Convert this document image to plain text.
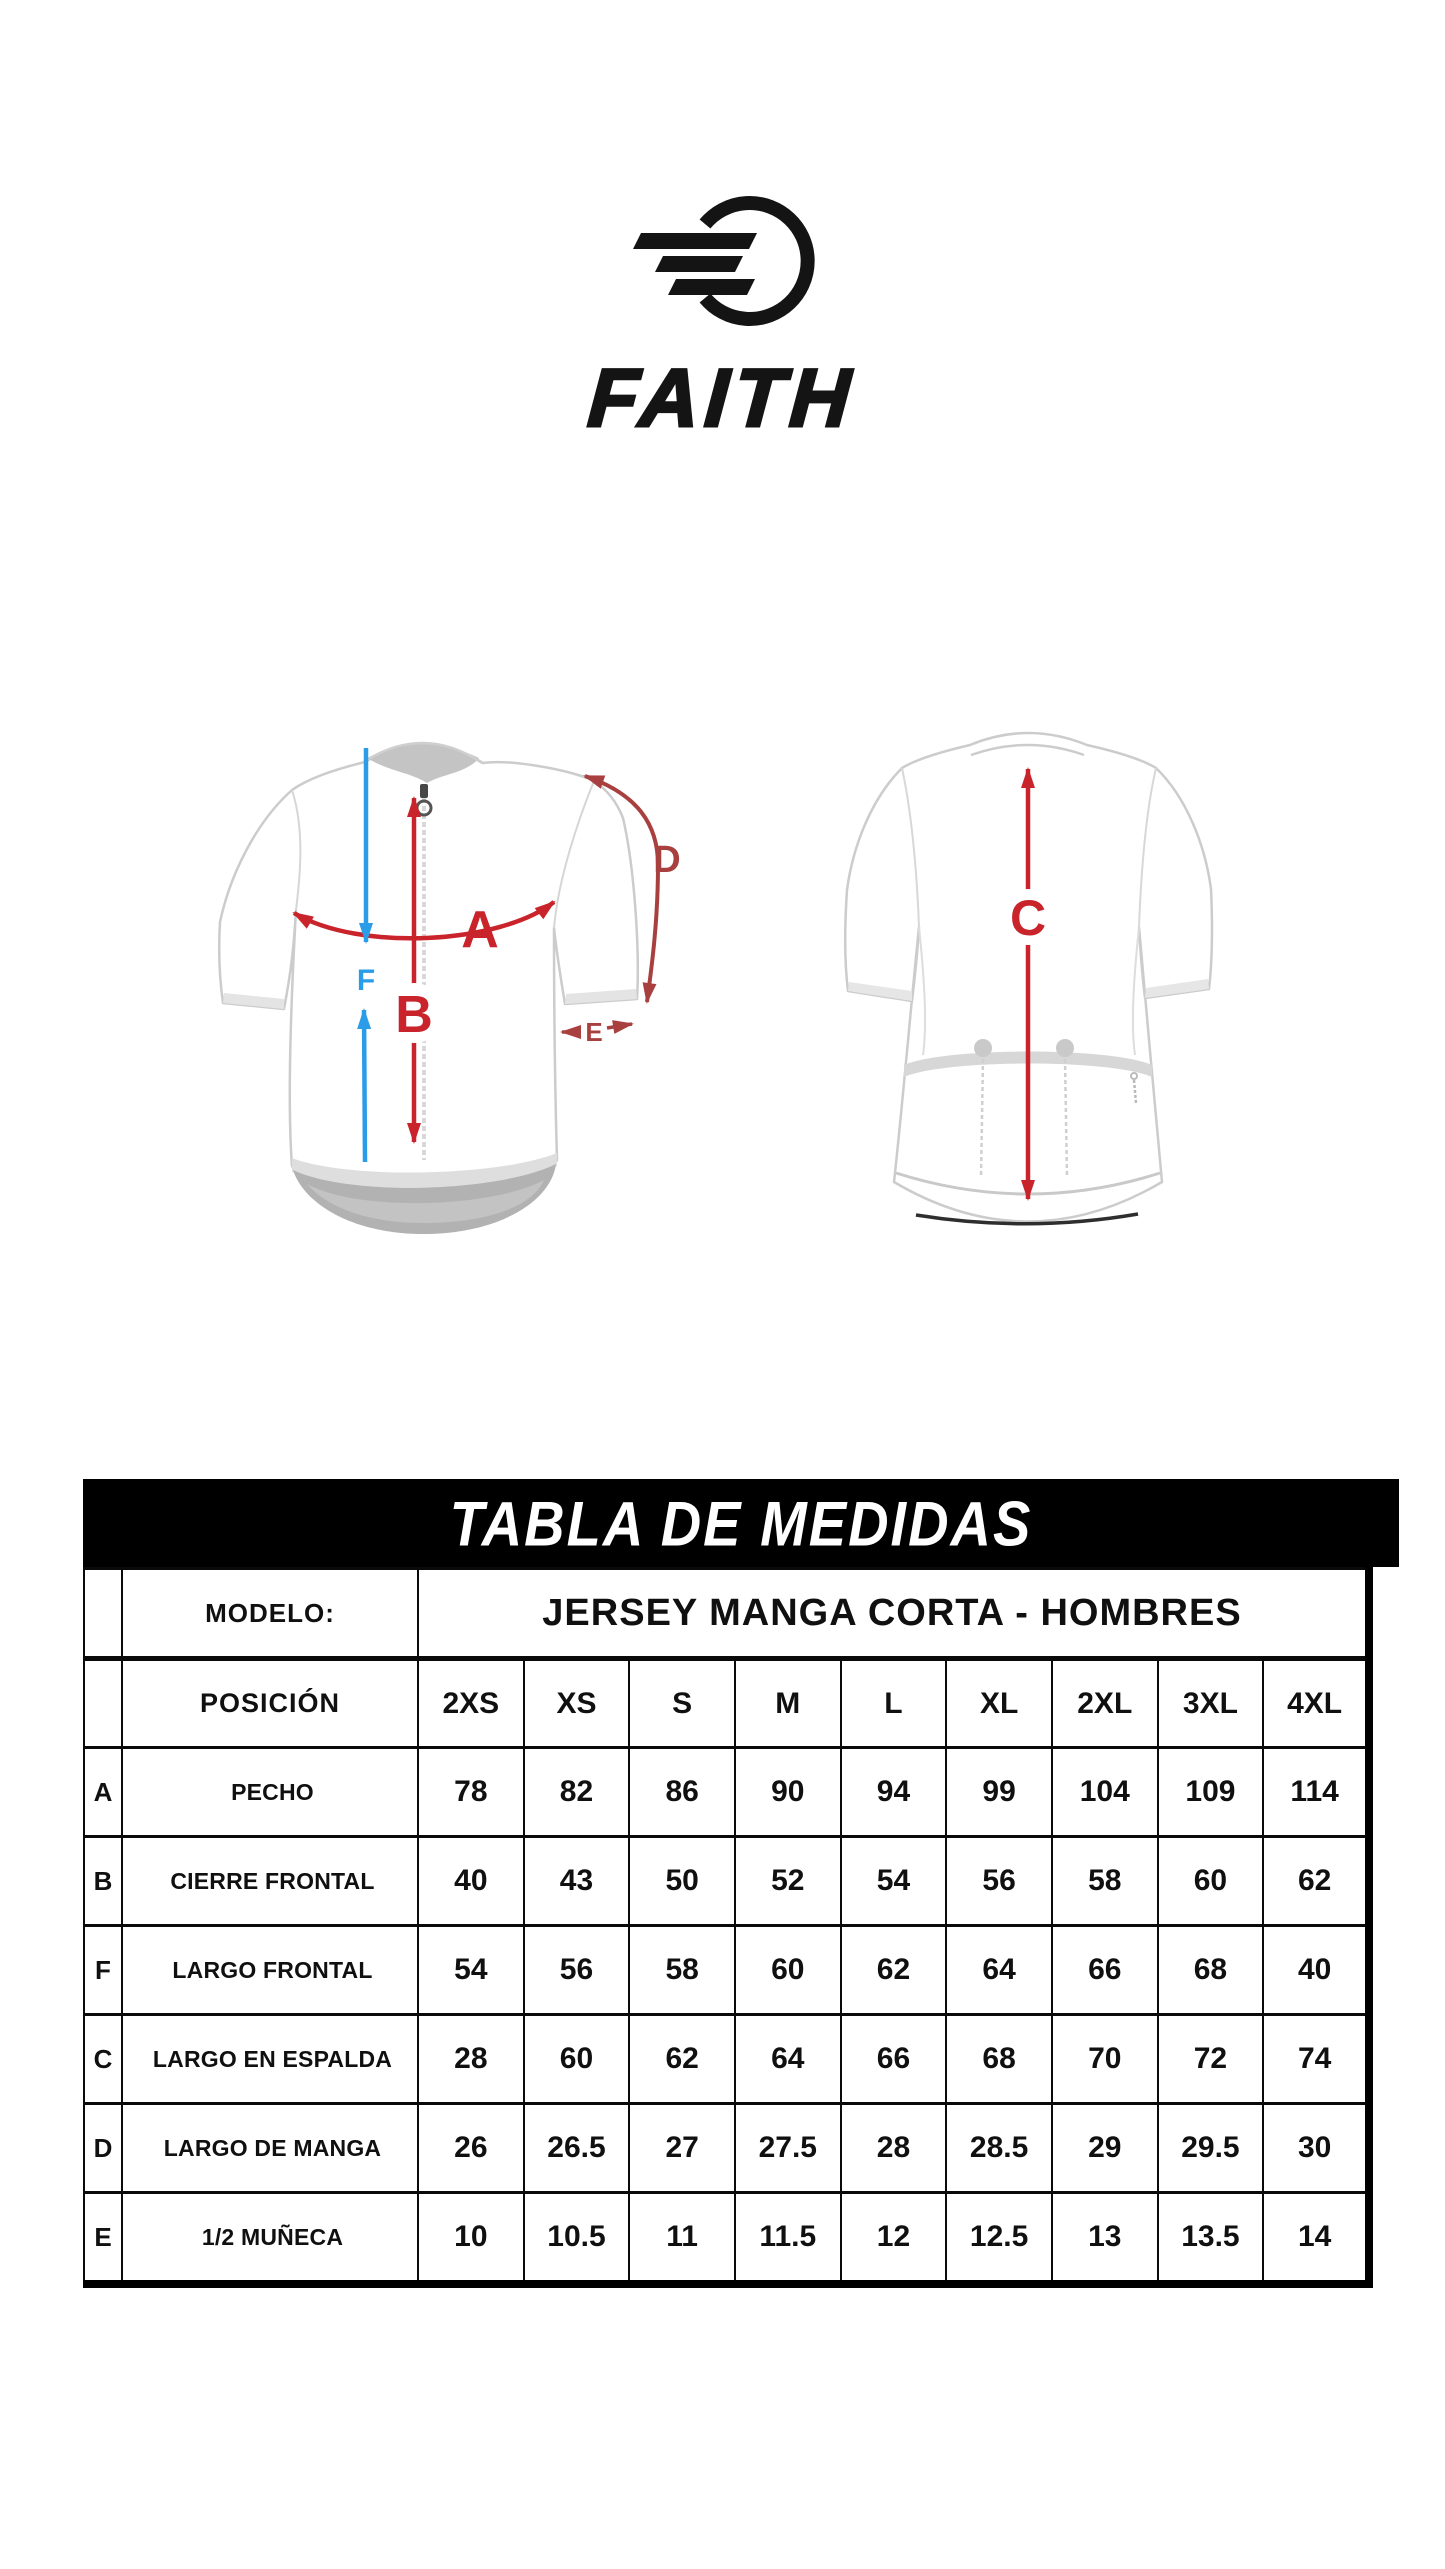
FAITH
B
A
F
D
E
C
TABLA DE MEDIDAS
	MODELO:	JERSEY MANGA CORTA - HOMBRES								
	POSICIÓN	2XS	XS	S	M	L	XL	2XL	3XL	4XL
A	PECHO	78	82	86	90	94	99	104	109	114
B	CIERRE FRONTAL	40	43	50	52	54	56	58	60	62
F	LARGO FRONTAL	54	56	58	60	62	64	66	68	40
C	LARGO EN ESPALDA	28	60	62	64	66	68	70	72	74
D	LARGO DE MANGA	26	26.5	27	27.5	28	28.5	29	29.5	30
E	1/2 MUÑECA	10	10.5	11	11.5	12	12.5	13	13.5	14
